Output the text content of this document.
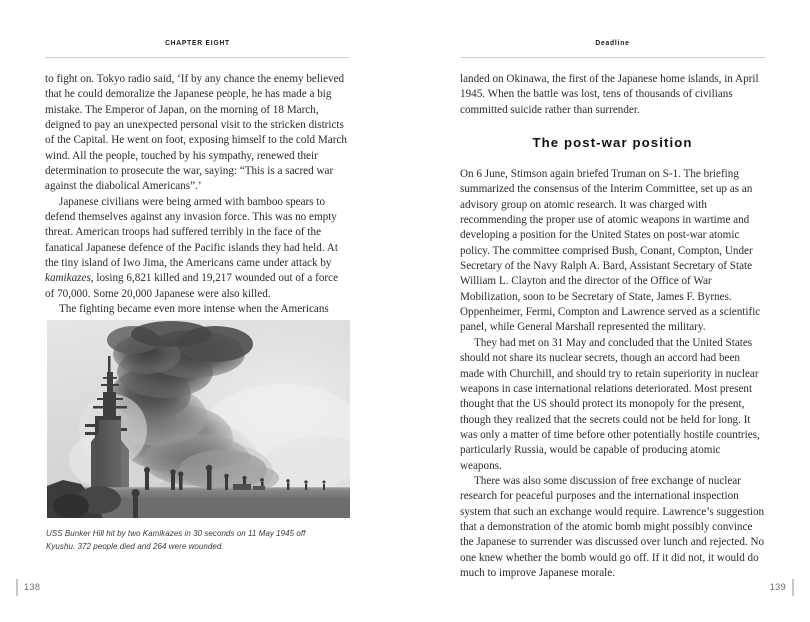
CHAPTER EIGHT

to fight on. Tokyo radio said, ‘If by any chance the enemy believed that he could demoralize the Japanese people, he has made a big mistake. The Emperor of Japan, on the morning of 18 March, deigned to pay an unexpected personal visit to the stricken districts of the Capital. He went on foot, exposing himself to the cold March wind. All the people, touched by his sympathy, renewed their determination to prosecute the war, saying: “This is a sacred war against the diabolical Americans”.’

Japanese civilians were being armed with bamboo spears to defend themselves against any invasion force. This was no empty threat. American troops had suffered terribly in the face of the fanatical Japanese defence of the Pacific islands they had held. At the tiny island of Iwo Jima, the Americans came under attack by kamikazes, losing 6,821 killed and 19,217 wounded out of a force of 70,000. Some 20,000 Japanese were also killed.

The fighting became even more intense when the Americans

USS Bunker Hill hit by two Kamikazes in 30 seconds on 11 May 1945 off Kyushu. 372 people died and 264 were wounded.
138
Deadline

landed on Okinawa, the first of the Japanese home islands, in April 1945. When the battle was lost, tens of thousands of civilians committed suicide rather than surrender.

The post-war position

On 6 June, Stimson again briefed Truman on S-1. The briefing summarized the consensus of the Interim Committee, set up as an advisory group on atomic research. It was charged with recommending the proper use of atomic weapons in wartime and developing a position for the United States on post-war atomic policy. The committee comprised Bush, Conant, Compton, Under Secretary of the Navy Ralph A. Bard, Assistant Secretary of State William L. Clayton and the director of the Office of War Mobilization, soon to be Secretary of State, James F. Byrnes. Oppenheimer, Fermi, Compton and Lawrence served as a scientific panel, while General Marshall represented the military.

They had met on 31 May and concluded that the United States should not share its nuclear secrets, though an accord had been made with Churchill, and should try to retain superiority in nuclear weapons in case international relations deteriorated. Most present thought that the US should protect its monopoly for the present, though they realized that the secrets could not be held for long. It was only a matter of time before other potentially hostile countries, particularly Russia, would be capable of producing atomic weapons.

There was also some discussion of free exchange of nuclear research for peaceful purposes and the international inspection system that such an exchange would require. Lawrence’s suggestion that a demonstration of the atomic bomb might possibly convince the Japanese to surrender was discussed over lunch and rejected. No one knew whether the bomb would go off. If it did not, it would do much to improve Japanese morale.

139
